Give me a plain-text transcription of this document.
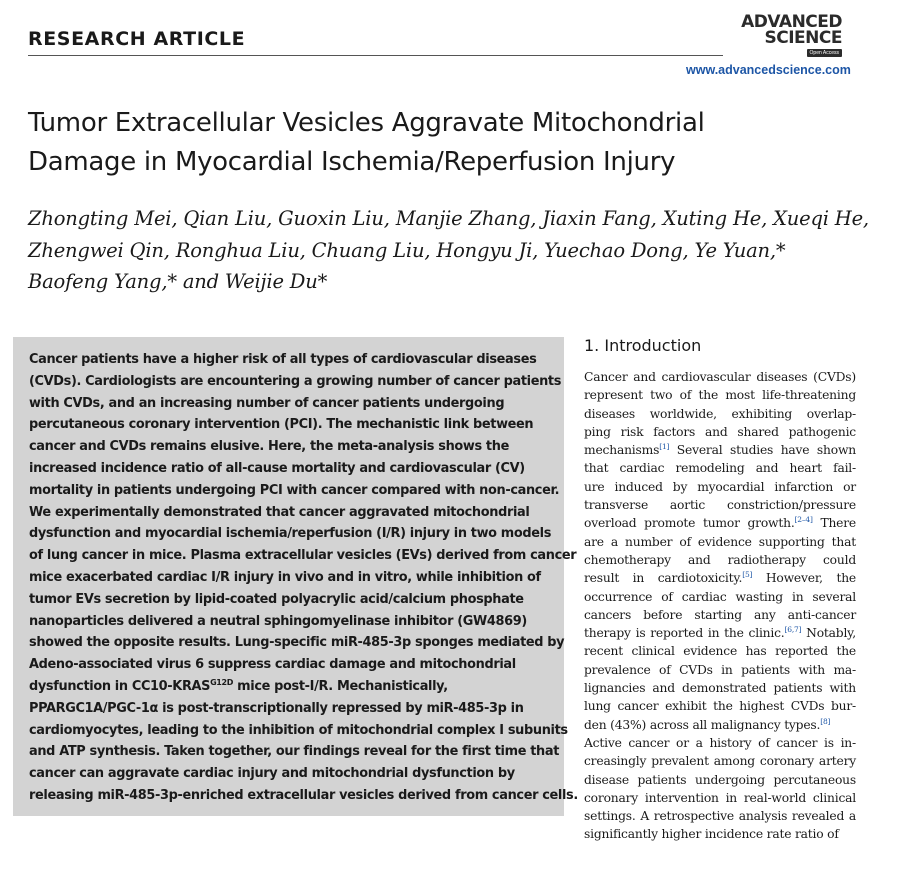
RESEARCH ARTICLE
ADVANCED
SCIENCE
Open Access
www.advancedscience.com
Tumor Extracellular Vesicles Aggravate Mitochondrial
Damage in Myocardial Ischemia/Reperfusion Injury
Zhongting Mei, Qian Liu, Guoxin Liu, Manjie Zhang, Jiaxin Fang, Xuting He, Xueqi He,
Zhengwei Qin, Ronghua Liu, Chuang Liu, Hongyu Ji, Yuechao Dong, Ye Yuan,*
Baofeng Yang,* and Weijie Du*
Cancer patients have a higher risk of all types of cardiovascular diseases
(CVDs). Cardiologists are encountering a growing number of cancer patients
with CVDs, and an increasing number of cancer patients undergoing
percutaneous coronary intervention (PCI). The mechanistic link between
cancer and CVDs remains elusive. Here, the meta-analysis shows the
increased incidence ratio of all-cause mortality and cardiovascular (CV)
mortality in patients undergoing PCI with cancer compared with non-cancer.
We experimentally demonstrated that cancer aggravated mitochondrial
dysfunction and myocardial ischemia/reperfusion (I/R) injury in two models
of lung cancer in mice. Plasma extracellular vesicles (EVs) derived from cancer
mice exacerbated cardiac I/R injury in vivo and in vitro, while inhibition of
tumor EVs secretion by lipid-coated polyacrylic acid/calcium phosphate
nanoparticles delivered a neutral sphingomyelinase inhibitor (GW4869)
showed the opposite results. Lung-specific miR-485-3p sponges mediated by
Adeno-associated virus 6 suppress cardiac damage and mitochondrial
dysfunction in $CC10-KRAS^{G12D}$ mice post-I/R. Mechanistically,
PPARGC1A/PGC-1α is post-transcriptionally repressed by miR-485-3p in
cardiomyocytes, leading to the inhibition of mitochondrial complex I subunits
and ATP synthesis. Taken together, our findings reveal for the first time that
cancer can aggravate cardiac injury and mitochondrial dysfunction by
releasing miR-485-3p-enriched extracellular vesicles derived from cancer cells.
1. Introduction
Cancer and cardiovascular diseases (CVDs)
represent two of the most life-threatening
diseases worldwide, exhibiting overlap-
ping risk factors and shared pathogenic
mechanisms[1] Several studies have shown
that cardiac remodeling and heart fail-
ure induced by myocardial infarction or
transverse aortic constriction/pressure
overload promote tumor growth.[2–4] There
are a number of evidence supporting that
chemotherapy and radiotherapy could
result in cardiotoxicity.[5] However, the
occurrence of cardiac wasting in several
cancers before starting any anti-cancer
therapy is reported in the clinic.[6,7] Notably,
recent clinical evidence has reported the
prevalence of CVDs in patients with ma-
lignancies and demonstrated patients with
lung cancer exhibit the highest CVDs bur-
den (43%) across all malignancy types.[8]
Active cancer or a history of cancer is in-
creasingly prevalent among coronary artery
disease patients undergoing percutaneous
coronary intervention in real-world clinical
settings. A retrospective analysis revealed a
significantly higher incidence rate ratio of
